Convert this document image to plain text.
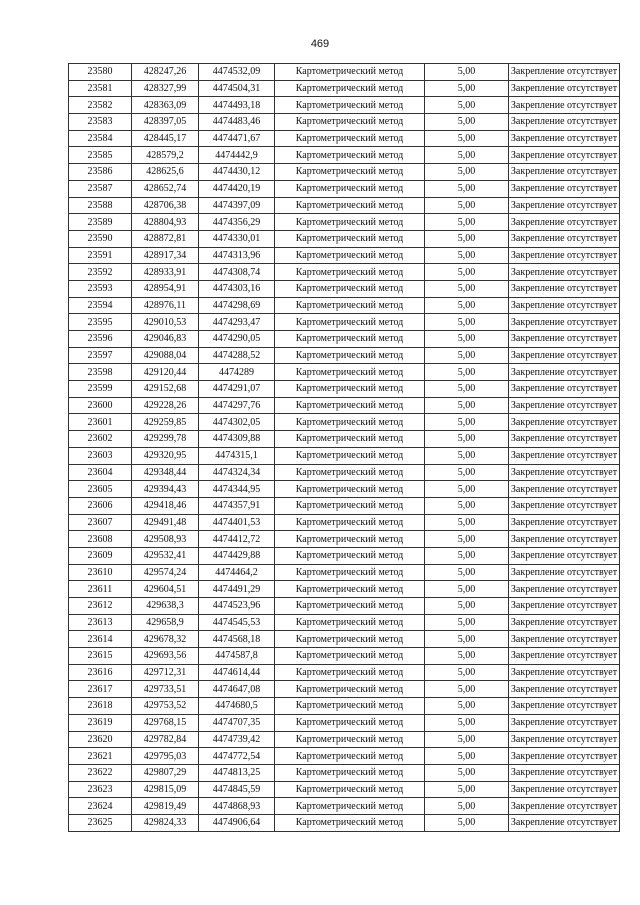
469
23580	428247,26	4474532,09	Картометрический метод	5,00	Закрепление отсутствует
23581	428327,99	4474504,31	Картометрический метод	5,00	Закрепление отсутствует
23582	428363,09	4474493,18	Картометрический метод	5,00	Закрепление отсутствует
23583	428397,05	4474483,46	Картометрический метод	5,00	Закрепление отсутствует
23584	428445,17	4474471,67	Картометрический метод	5,00	Закрепление отсутствует
23585	428579,2	4474442,9	Картометрический метод	5,00	Закрепление отсутствует
23586	428625,6	4474430,12	Картометрический метод	5,00	Закрепление отсутствует
23587	428652,74	4474420,19	Картометрический метод	5,00	Закрепление отсутствует
23588	428706,38	4474397,09	Картометрический метод	5,00	Закрепление отсутствует
23589	428804,93	4474356,29	Картометрический метод	5,00	Закрепление отсутствует
23590	428872,81	4474330,01	Картометрический метод	5,00	Закрепление отсутствует
23591	428917,34	4474313,96	Картометрический метод	5,00	Закрепление отсутствует
23592	428933,91	4474308,74	Картометрический метод	5,00	Закрепление отсутствует
23593	428954,91	4474303,16	Картометрический метод	5,00	Закрепление отсутствует
23594	428976,11	4474298,69	Картометрический метод	5,00	Закрепление отсутствует
23595	429010,53	4474293,47	Картометрический метод	5,00	Закрепление отсутствует
23596	429046,83	4474290,05	Картометрический метод	5,00	Закрепление отсутствует
23597	429088,04	4474288,52	Картометрический метод	5,00	Закрепление отсутствует
23598	429120,44	4474289	Картометрический метод	5,00	Закрепление отсутствует
23599	429152,68	4474291,07	Картометрический метод	5,00	Закрепление отсутствует
23600	429228,26	4474297,76	Картометрический метод	5,00	Закрепление отсутствует
23601	429259,85	4474302,05	Картометрический метод	5,00	Закрепление отсутствует
23602	429299,78	4474309,88	Картометрический метод	5,00	Закрепление отсутствует
23603	429320,95	4474315,1	Картометрический метод	5,00	Закрепление отсутствует
23604	429348,44	4474324,34	Картометрический метод	5,00	Закрепление отсутствует
23605	429394,43	4474344,95	Картометрический метод	5,00	Закрепление отсутствует
23606	429418,46	4474357,91	Картометрический метод	5,00	Закрепление отсутствует
23607	429491,48	4474401,53	Картометрический метод	5,00	Закрепление отсутствует
23608	429508,93	4474412,72	Картометрический метод	5,00	Закрепление отсутствует
23609	429532,41	4474429,88	Картометрический метод	5,00	Закрепление отсутствует
23610	429574,24	4474464,2	Картометрический метод	5,00	Закрепление отсутствует
23611	429604,51	4474491,29	Картометрический метод	5,00	Закрепление отсутствует
23612	429638,3	4474523,96	Картометрический метод	5,00	Закрепление отсутствует
23613	429658,9	4474545,53	Картометрический метод	5,00	Закрепление отсутствует
23614	429678,32	4474568,18	Картометрический метод	5,00	Закрепление отсутствует
23615	429693,56	4474587,8	Картометрический метод	5,00	Закрепление отсутствует
23616	429712,31	4474614,44	Картометрический метод	5,00	Закрепление отсутствует
23617	429733,51	4474647,08	Картометрический метод	5,00	Закрепление отсутствует
23618	429753,52	4474680,5	Картометрический метод	5,00	Закрепление отсутствует
23619	429768,15	4474707,35	Картометрический метод	5,00	Закрепление отсутствует
23620	429782,84	4474739,42	Картометрический метод	5,00	Закрепление отсутствует
23621	429795,03	4474772,54	Картометрический метод	5,00	Закрепление отсутствует
23622	429807,29	4474813,25	Картометрический метод	5,00	Закрепление отсутствует
23623	429815,09	4474845,59	Картометрический метод	5,00	Закрепление отсутствует
23624	429819,49	4474868,93	Картометрический метод	5,00	Закрепление отсутствует
23625	429824,33	4474906,64	Картометрический метод	5,00	Закрепление отсутствует
